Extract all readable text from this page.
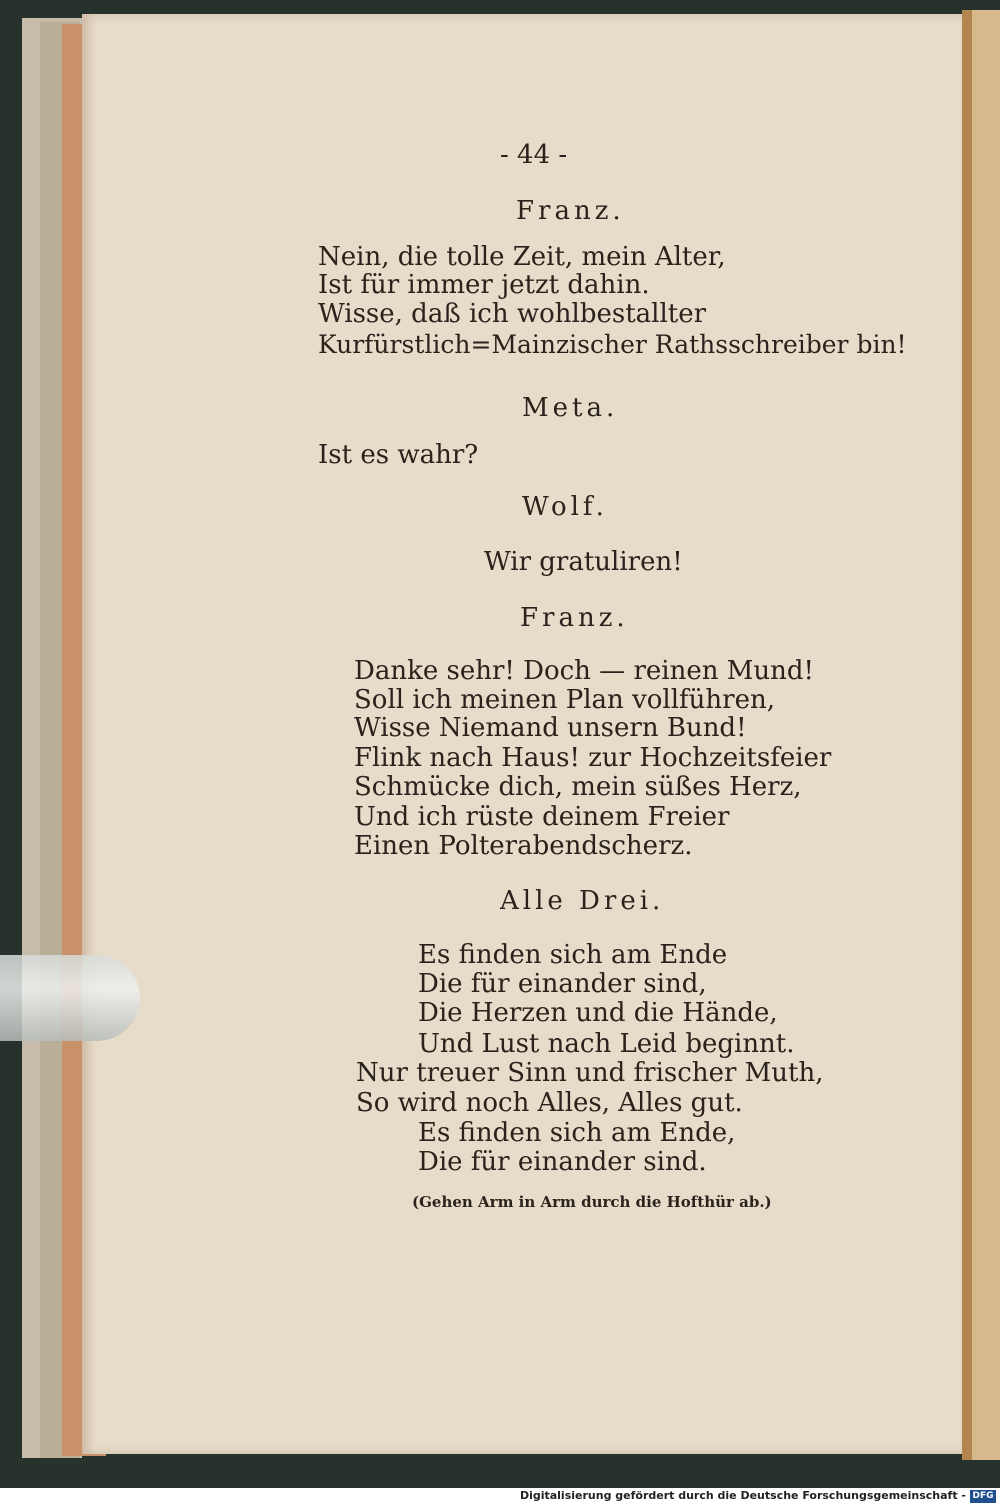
- 44 -
Franz.
Nein, die tolle Zeit, mein Alter,
Ist für immer jetzt dahin.
Wisse, daß ich wohlbestallter
Kurfürstlich=Mainzischer Rathsschreiber bin!
Meta.
Ist es wahr?
Wolf.
Wir gratuliren!
Franz.
Danke sehr! Doch — reinen Mund!
Soll ich meinen Plan vollführen,
Wisse Niemand unsern Bund!
Flink nach Haus! zur Hochzeitsfeier
Schmücke dich, mein süßes Herz,
Und ich rüste deinem Freier
Einen Polterabendscherz.
Alle Drei.
Es finden sich am Ende
Die für einander sind,
Die Herzen und die Hände,
Und Lust nach Leid beginnt.
Nur treuer Sinn und frischer Muth,
So wird noch Alles, Alles gut.
Es finden sich am Ende,
Die für einander sind.
(Gehen Arm in Arm durch die Hofthür ab.)
Digitalisierung gefördert durch die Deutsche Forschungsgemeinschaft - DFG
